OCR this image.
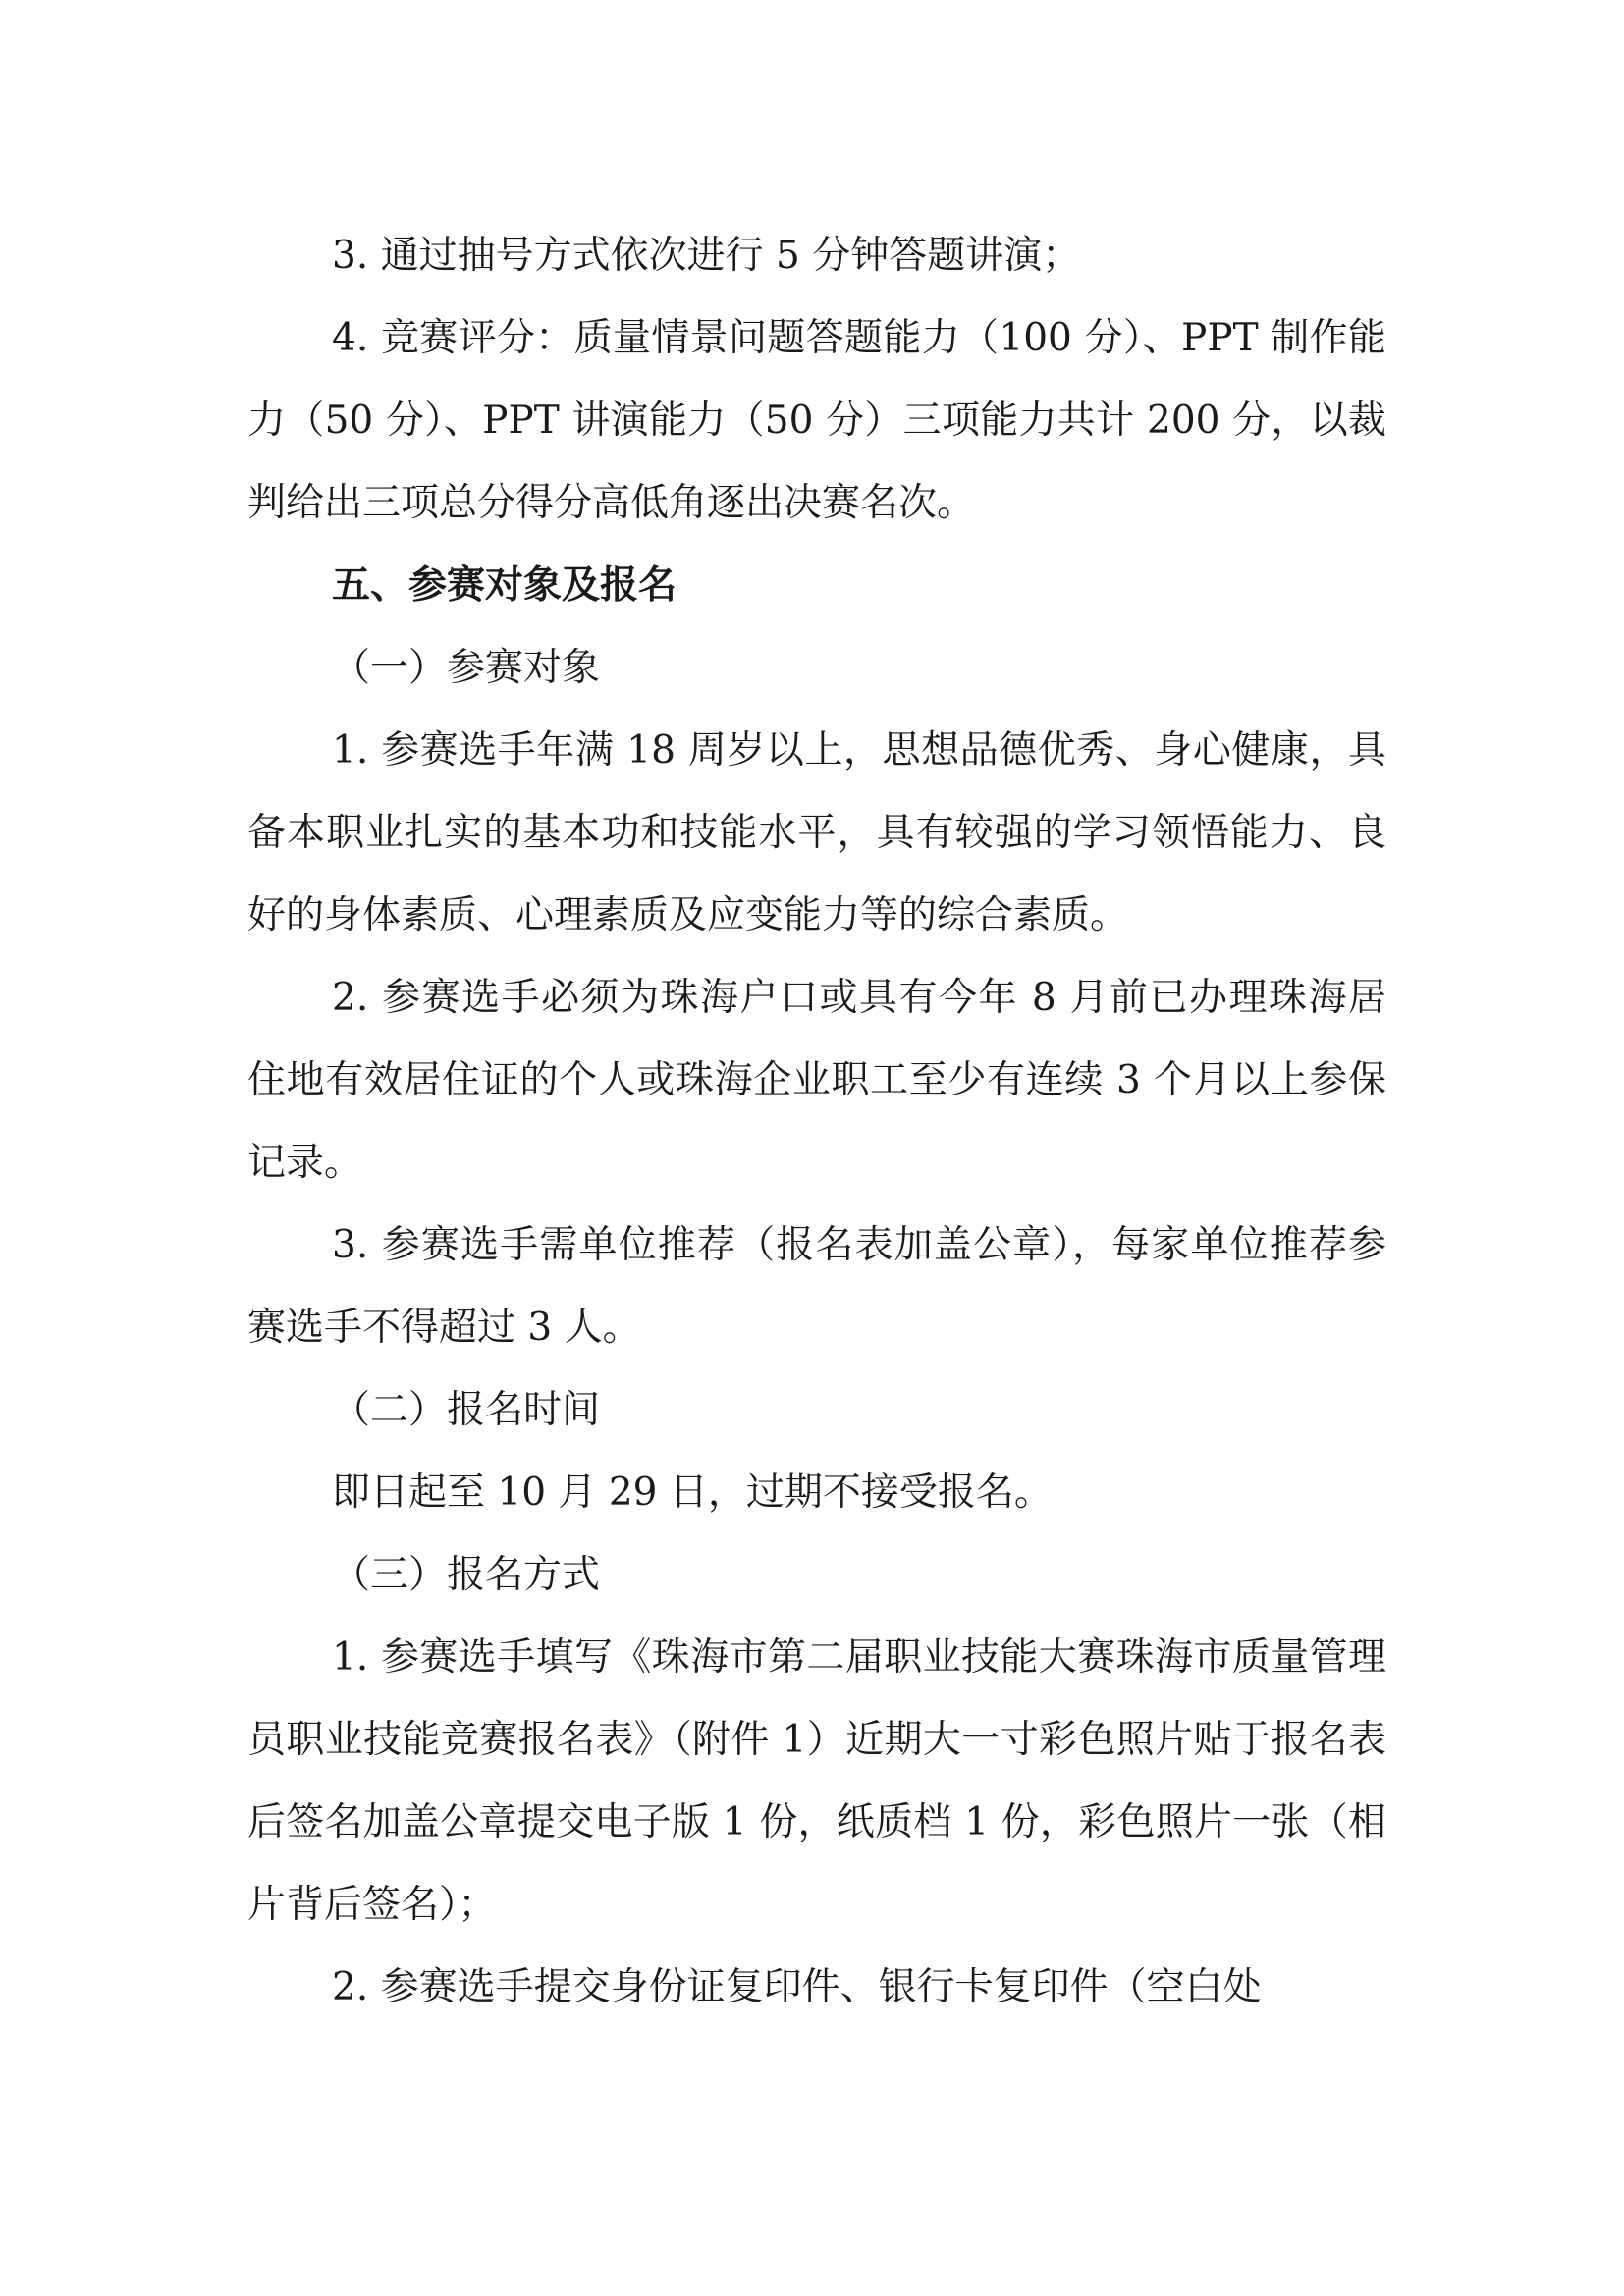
3. 通过抽号方式依次进行 5 分钟答题讲演；

4. 竞赛评分：质量情景问题答题能力（100 分）、PPT 制作能力（50 分）、PPT 讲演能力（50 分）三项能力共计 200 分，以裁判给出三项总分得分高低角逐出决赛名次。

五、参赛对象及报名

（一）参赛对象

1. 参赛选手年满 18 周岁以上，思想品德优秀、身心健康，具备本职业扎实的基本功和技能水平，具有较强的学习领悟能力、良好的身体素质、心理素质及应变能力等的综合素质。

2. 参赛选手必须为珠海户口或具有今年 8 月前已办理珠海居住地有效居住证的个人或珠海企业职工至少有连续 3 个月以上参保记录。

3. 参赛选手需单位推荐（报名表加盖公章），每家单位推荐参赛选手不得超过 3 人。

（二）报名时间

即日起至 10 月 29 日，过期不接受报名。

（三）报名方式

1. 参赛选手填写《珠海市第二届职业技能大赛珠海市质量管理员职业技能竞赛报名表》（附件 1）近期大一寸彩色照片贴于报名表后签名加盖公章提交电子版 1 份，纸质档 1 份，彩色照片一张（相片背后签名）；

2. 参赛选手提交身份证复印件、银行卡复印件（空白处
